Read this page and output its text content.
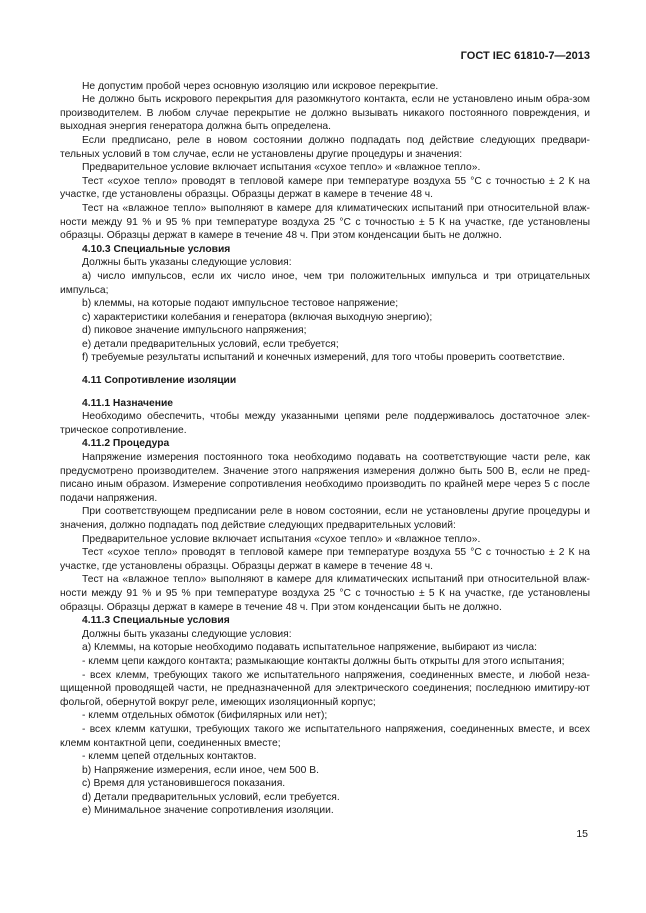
ГОСТ IEC 61810-7—2013

Не допустим пробой через основную изоляцию или искровое перекрытие.

Не должно быть искрового перекрытия для разомкнутого контакта, если не установлено иным обра-зом производителем. В любом случае перекрытие не должно вызывать никакого постоянного повреждения, и выходная энергия генератора должна быть определена.

Если предписано, реле в новом состоянии должно подпадать под действие следующих предвари-тельных условий в том случае, если не установлены другие процедуры и значения:

Предварительное условие включает испытания «сухое тепло» и «влажное тепло».

Тест «сухое тепло» проводят в тепловой камере при температуре воздуха 55 °С с точностью ± 2 К на участке, где установлены образцы. Образцы держат в камере в течение 48 ч.

Тест на «влажное тепло» выполняют в камере для климатических испытаний при относительной влаж-ности между 91 % и 95 % при температуре воздуха 25 °С с точностью ± 5 К на участке, где установлены образцы. Образцы держат в камере в течение 48 ч. При этом конденсации быть не должно.

4.10.3 Специальные условия

Должны быть указаны следующие условия:

a) число импульсов, если их число иное, чем три положительных импульса и три отрицательных импульса;

b) клеммы, на которые подают импульсное тестовое напряжение;

c) характеристики колебания и генератора (включая выходную энергию);

d) пиковое значение импульсного напряжения;

e) детали предварительных условий, если требуется;

f) требуемые результаты испытаний и конечных измерений, для того чтобы проверить соответствие.

4.11 Сопротивление изоляции

4.11.1 Назначение

Необходимо обеспечить, чтобы между указанными цепями реле поддерживалось достаточное элек-трическое сопротивление.

4.11.2 Процедура

Напряжение измерения постоянного тока необходимо подавать на соответствующие части реле, как предусмотрено производителем. Значение этого напряжения измерения должно быть 500 В, если не пред-писано иным образом. Измерение сопротивления необходимо производить по крайней мере через 5 с после подачи напряжения.

При соответствующем предписании реле в новом состоянии, если не установлены другие процедуры и значения, должно подпадать под действие следующих предварительных условий:

Предварительное условие включает испытания «сухое тепло» и «влажное тепло».

Тест «сухое тепло» проводят в тепловой камере при температуре воздуха 55 °С с точностью ± 2 К на участке, где установлены образцы. Образцы держат в камере в течение 48 ч.

Тест на «влажное тепло» выполняют в камере для климатических испытаний при относительной влаж-ности между 91 % и 95 % при температуре воздуха 25 °С с точностью ± 5 К на участке, где установлены образцы. Образцы держат в камере в течение 48 ч. При этом конденсации быть не должно.

4.11.3 Специальные условия

Должны быть указаны следующие условия:

a) Клеммы, на которые необходимо подавать испытательное напряжение, выбирают из числа:

- клемм цепи каждого контакта; размыкающие контакты должны быть открыты для этого испытания;

- всех клемм, требующих такого же испытательного напряжения, соединенных вместе, и любой неза-щищенной проводящей части, не предназначенной для электрического соединения; последнюю имитиру-ют фольгой, обернутой вокруг реле, имеющих изоляционный корпус;

- клемм отдельных обмоток (бифилярных или нет);

- всех клемм катушки, требующих такого же испытательного напряжения, соединенных вместе, и всех клемм контактной цепи, соединенных вместе;

- клемм цепей отдельных контактов.

b) Напряжение измерения, если иное, чем 500 В.

c) Время для установившегося показания.

d) Детали предварительных условий, если требуется.

e) Минимальное значение сопротивления изоляции.

15
